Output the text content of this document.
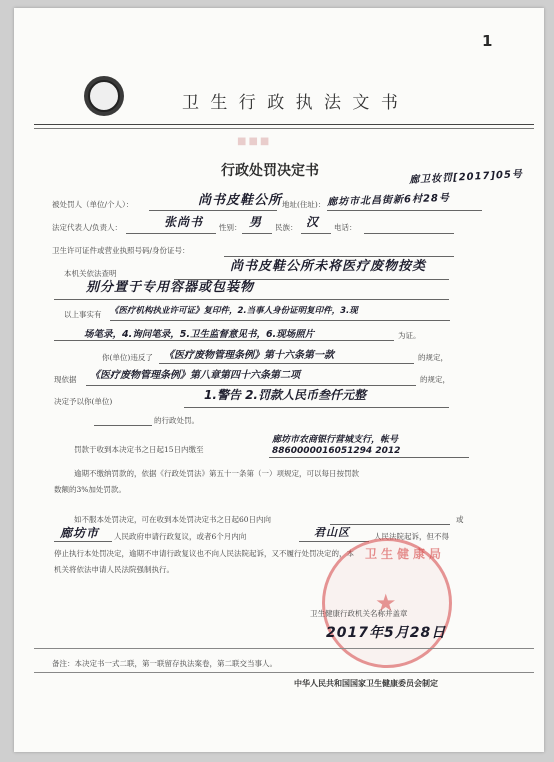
1
卫 生 行 政 执 法 文 书
■■■
行政处罚决定书	廊卫妆罚[2017]05号
被处罚人（单位/个人）：	尚书皮鞋公所 地址(住址)： 廊坊市北昌街新6村28号
法定代表人/负责人：	张尚书 性别： 男 民族： 汉 电话：
卫生许可证件或营业执照号码/身份证号：
本机关依法查明	尚书皮鞋公所未将医疗废物按类
别分置于专用容器或包装物
以上事实有 《医疗机构执业许可证》复印件，2.当事人身份证明复印件，3.现
场笔录，4.询问笔录，5.卫生监督意见书，6.现场照片	为证。
你(单位)违反了 《医疗废物管理条例》第十六条第一款	的规定，
现依据 《医疗废物管理条例》第八章第四十六条第二项	的规定，
决定予以你(单位)	1.警告 2.罚款人民币叁仟元整
的行政处罚。
罚款于收到本决定书之日起15日内缴至
廊坊市农商银行营城支行，帐号
8860000016051294 2012
逾期不缴纳罚款的，依据《行政处罚法》第五十一条第（一）项规定，可以每日按罚款
数额的3%加处罚款。
如不服本处罚决定，可在收到本处罚决定书之日起60日内向	或
廊坊市 人民政府申请行政复议，或者6个月内向	君山区	人民法院起诉，但不得
停止执行本处罚决定，逾期不申请行政复议也不向人民法院起诉，又不履行处罚决定的，本
机关将依法申请人民法院强制执行。
卫生健康局
★
卫生健康行政机关名称并盖章
2017年5月28日
备注：本决定书一式二联，第一联留存执法案卷，第二联交当事人。
中华人民共和国国家卫生健康委员会制定
